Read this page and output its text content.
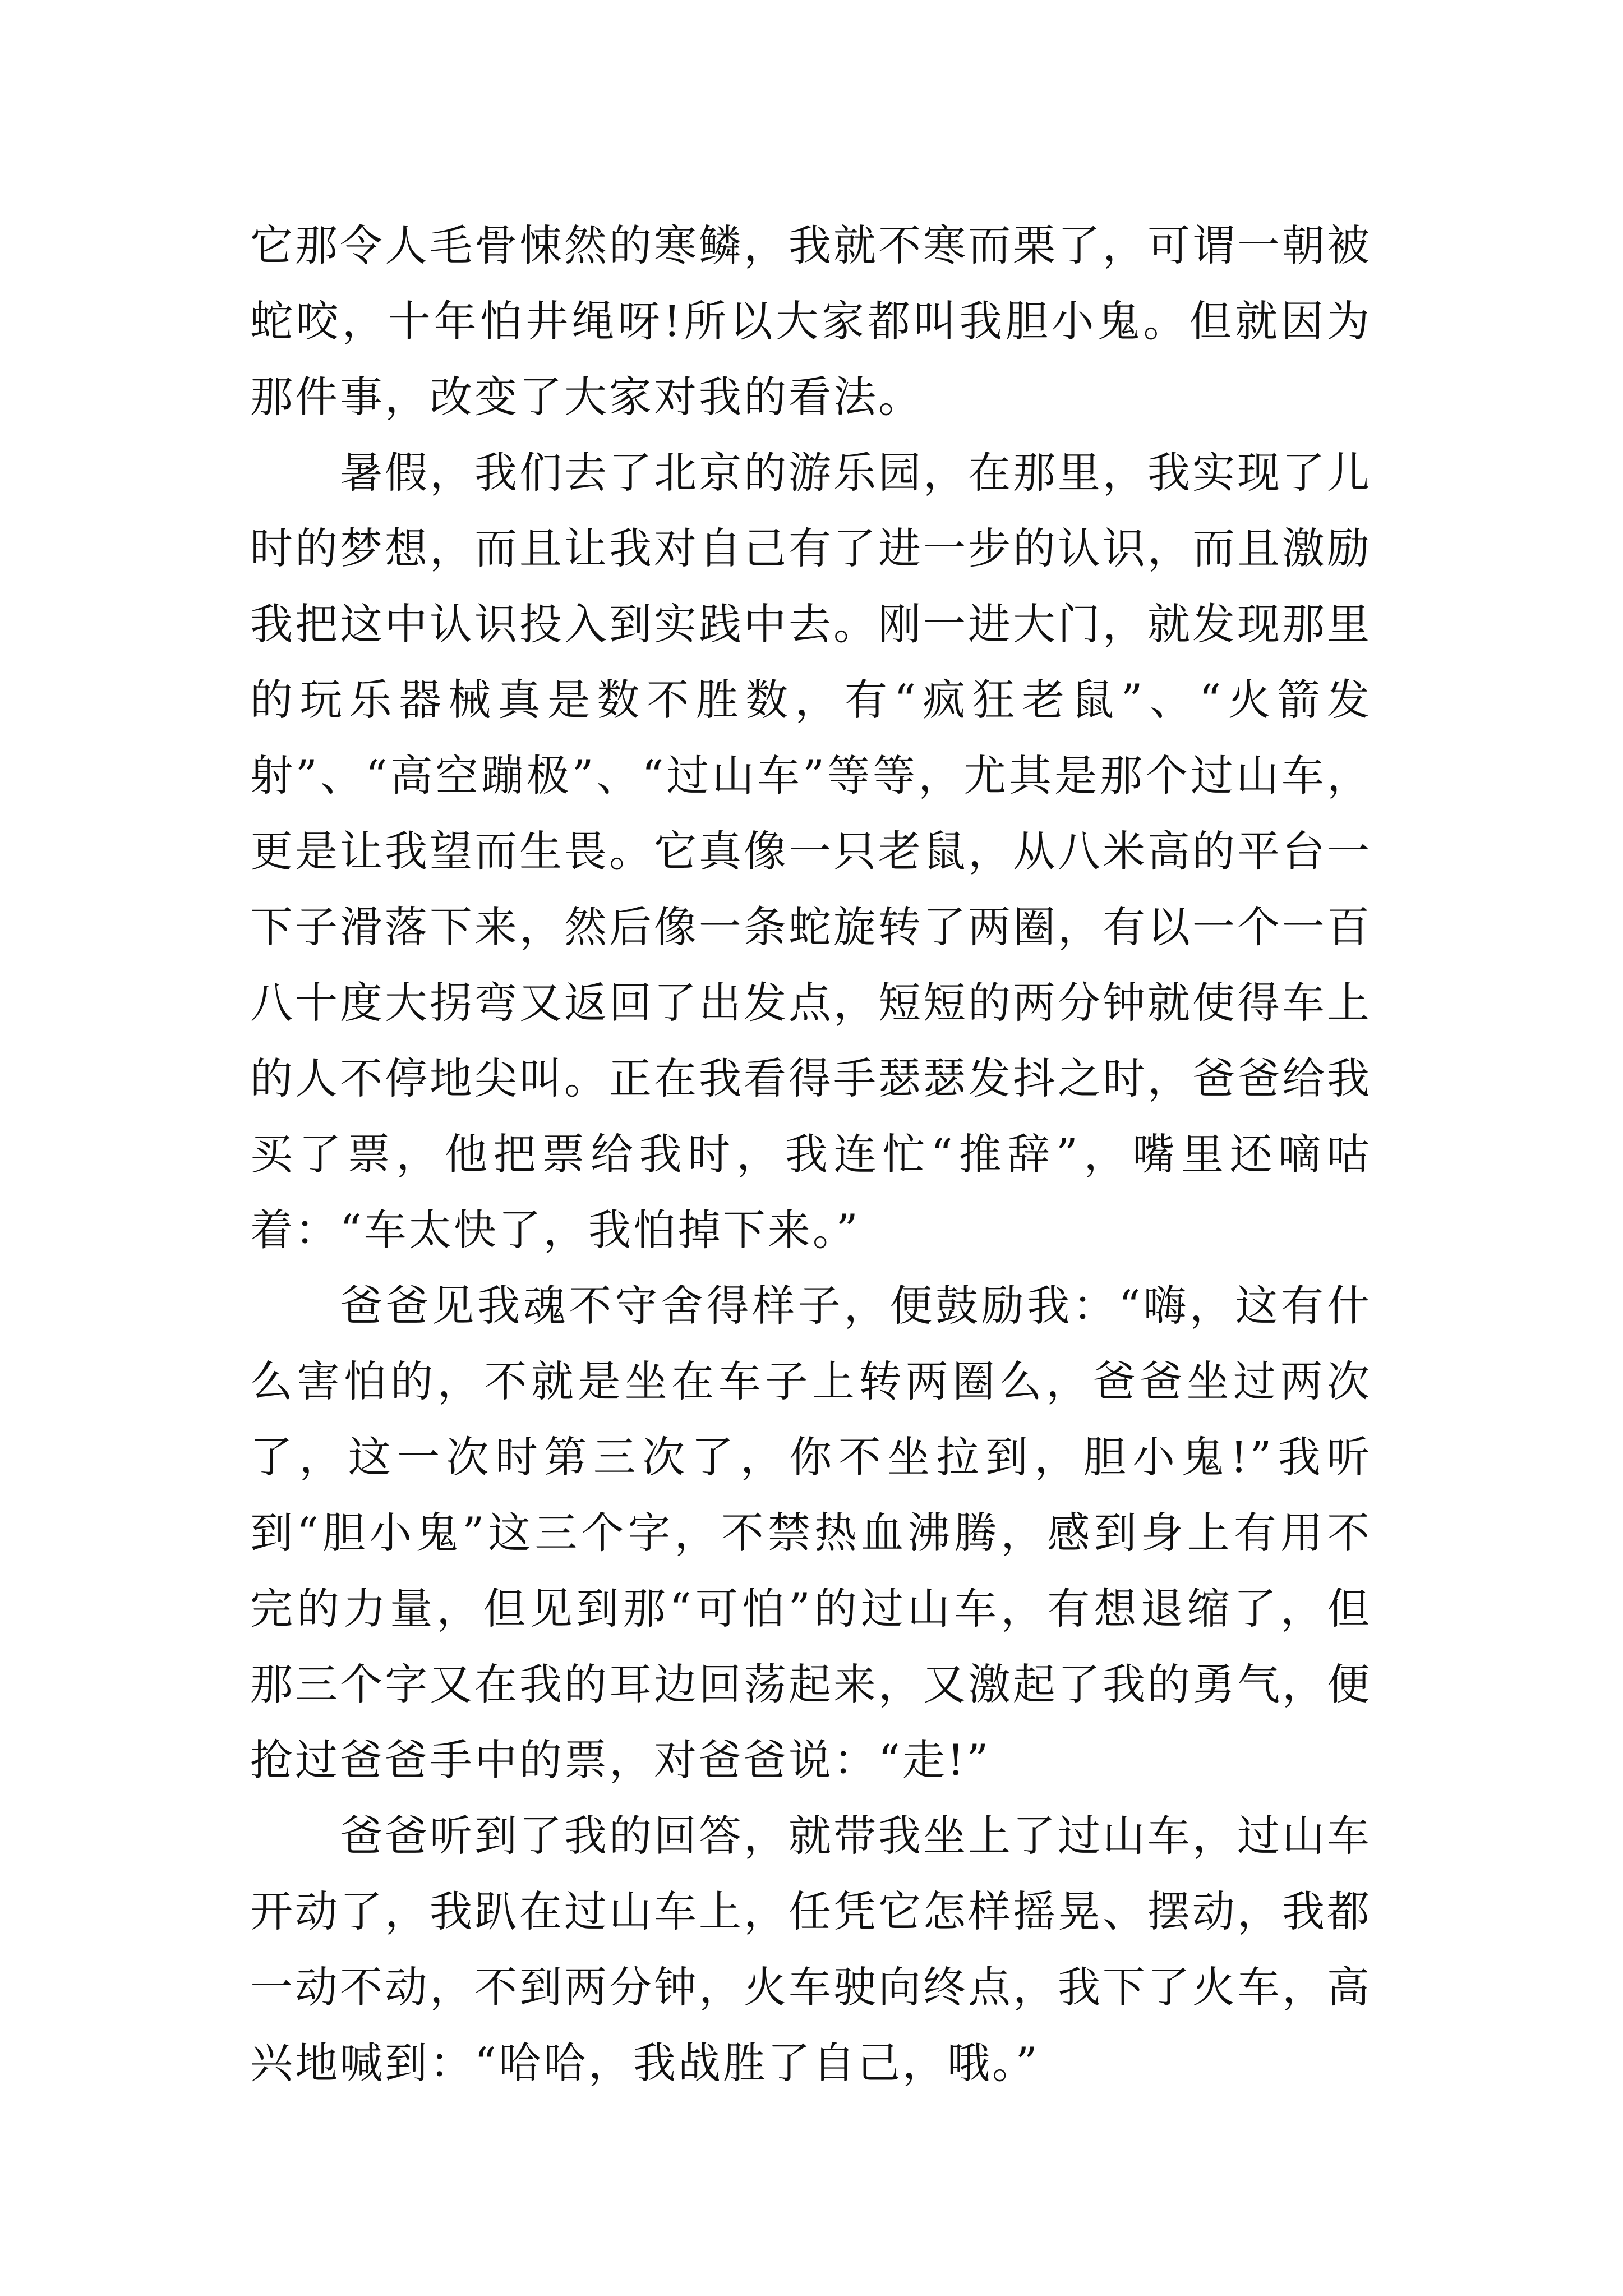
它那令人毛骨悚然的寒鳞，我就不寒而栗了，可谓一朝被蛇咬，十年怕井绳呀!所以大家都叫我胆小鬼。但就因为那件事，改变了大家对我的看法。

暑假，我们去了北京的游乐园，在那里，我实现了儿时的梦想，而且让我对自己有了进一步的认识，而且激励我把这中认识投入到实践中去。刚一进大门，就发现那里的玩乐器械真是数不胜数，有“疯狂老鼠”、“火箭发射”、“高空蹦极”、“过山车”等等，尤其是那个过山车，更是让我望而生畏。它真像一只老鼠，从八米高的平台一下子滑落下来，然后像一条蛇旋转了两圈，有以一个一百八十度大拐弯又返回了出发点，短短的两分钟就使得车上的人不停地尖叫。正在我看得手瑟瑟发抖之时，爸爸给我买了票，他把票给我时，我连忙“推辞”，嘴里还嘀咕着：“车太快了，我怕掉下来。”

爸爸见我魂不守舍得样子，便鼓励我：“嗨，这有什么害怕的，不就是坐在车子上转两圈么，爸爸坐过两次了，这一次时第三次了，你不坐拉到，胆小鬼!”我听到“胆小鬼”这三个字，不禁热血沸腾，感到身上有用不完的力量，但见到那“可怕”的过山车，有想退缩了，但那三个字又在我的耳边回荡起来，又激起了我的勇气，便抢过爸爸手中的票，对爸爸说：“走!”

爸爸听到了我的回答，就带我坐上了过山车，过山车开动了，我趴在过山车上，任凭它怎样摇晃、摆动，我都一动不动，不到两分钟，火车驶向终点，我下了火车，高兴地喊到：“哈哈，我战胜了自己，哦。”
